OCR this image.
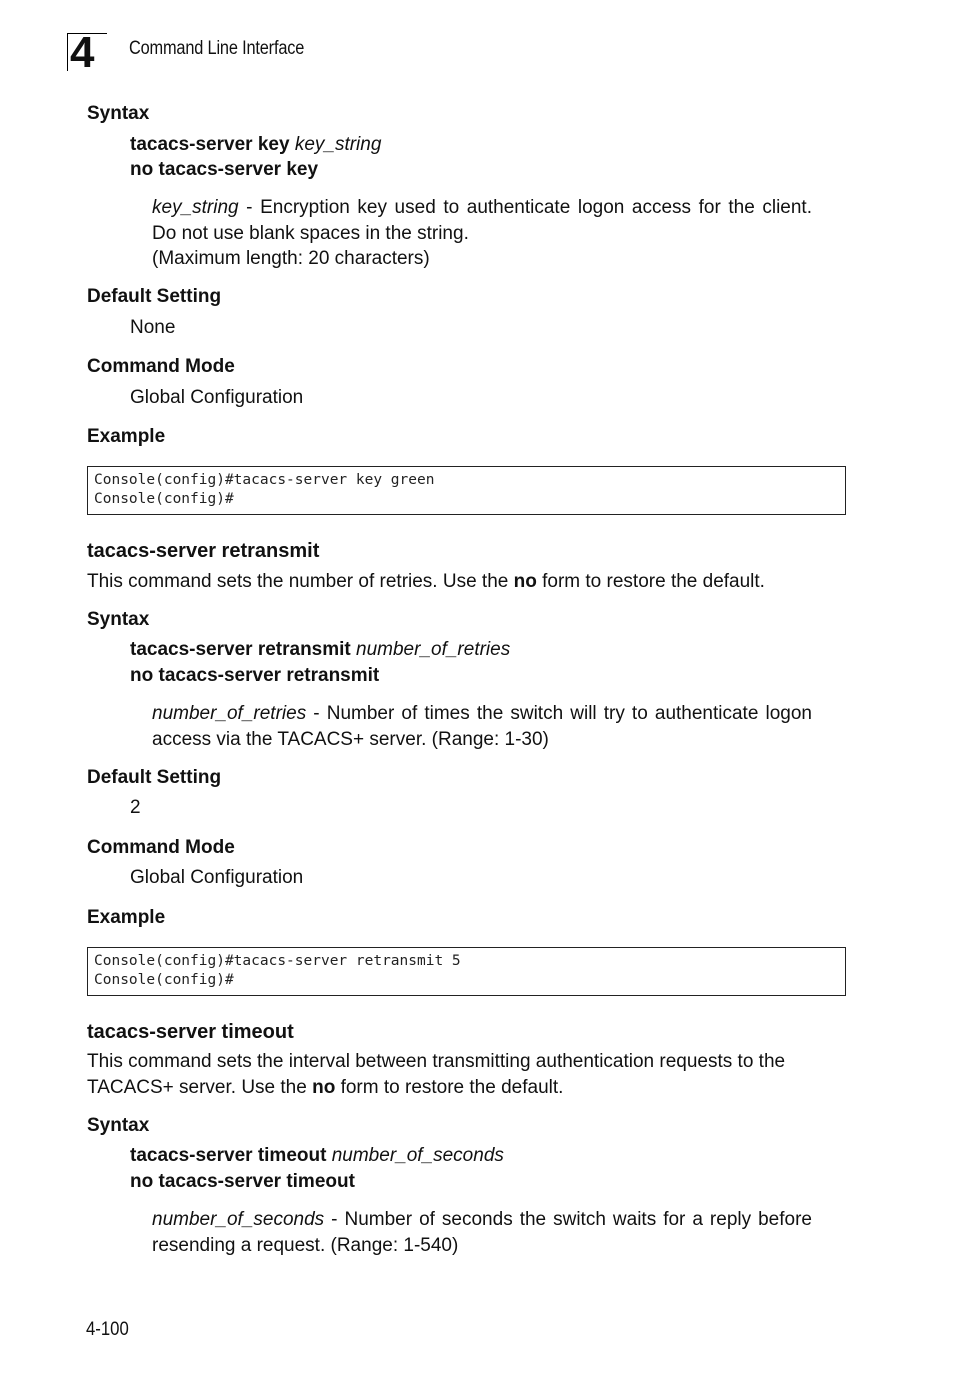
4	Command Line Interface
Syntax
tacacs-server key key_string
no tacacs-server key
key_string - Encryption key used to authenticate logon access for the client. Do not use blank spaces in the string.
(Maximum length: 20 characters)
Default Setting
None
Command Mode
Global Configuration
Example
Console(config)#tacacs-server key green
Console(config)#
tacacs-server retransmit
This command sets the number of retries. Use the no form to restore the default.
Syntax
tacacs-server retransmit number_of_retries
no tacacs-server retransmit
number_of_retries - Number of times the switch will try to authenticate logon access via the TACACS+ server. (Range: 1-30)
Default Setting
2
Command Mode
Global Configuration
Example
Console(config)#tacacs-server retransmit 5
Console(config)#
tacacs-server timeout
This command sets the interval between transmitting authentication requests to the TACACS+ server. Use the no form to restore the default.
Syntax
tacacs-server timeout number_of_seconds
no tacacs-server timeout
number_of_seconds - Number of seconds the switch waits for a reply before resending a request. (Range: 1-540)
4-100
